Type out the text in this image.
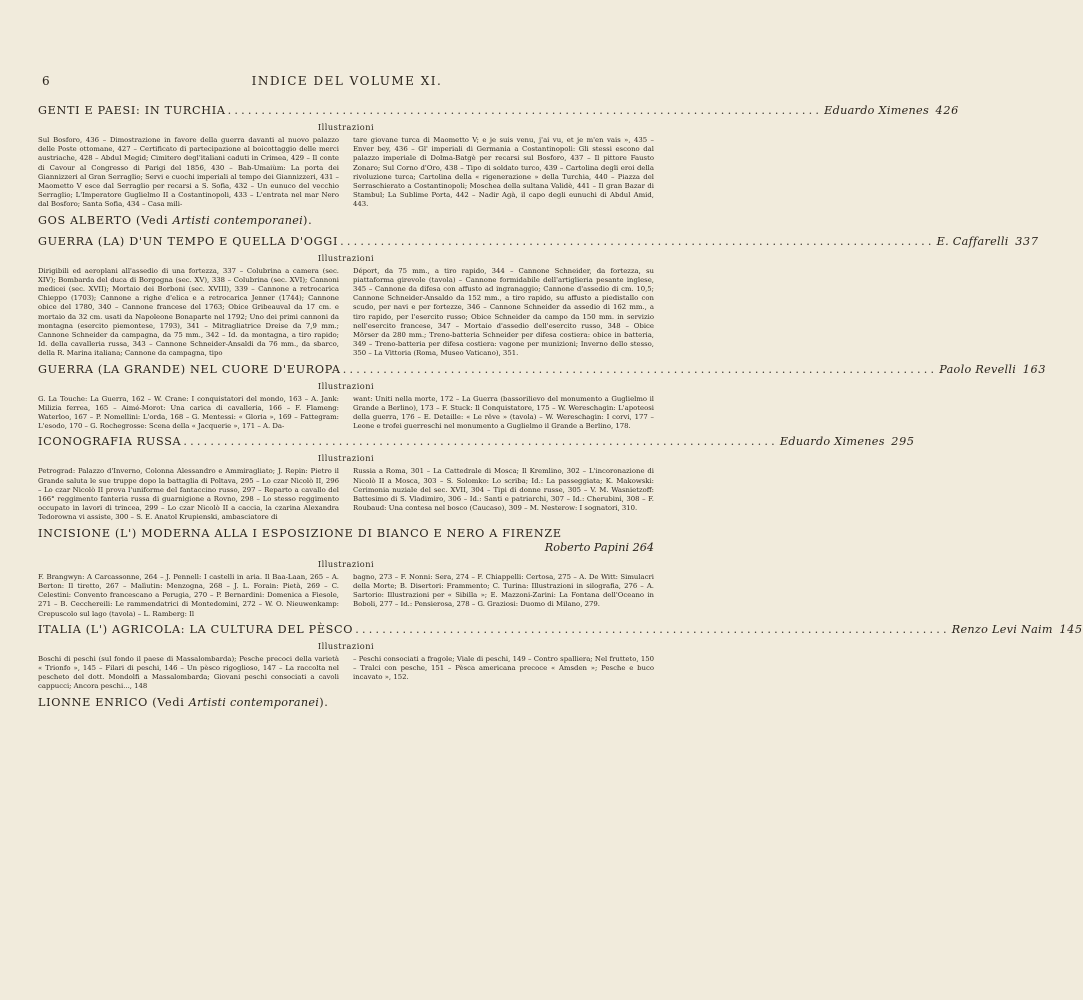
6	INDICE DEL VOLUME XI.
GENTI E PAESI: IN TURCHIA ........................................................................................ Eduardo Ximenes 426
Illustrazioni
Sul Bosforo, 436 – Dimostrazione in favore della guerra davanti al nuovo palazzo delle Poste ottomane, 427 – Certificato di partecipazione al boicottaggio delle merci austriache, 428 – Abdul Megid; Cimitero degl'italiani caduti in Crimea, 429 – Il conte di Cavour al Congresso di Parigi del 1856, 430 – Bab-Umaiùm: La porta dei Giannizzeri al Gran Serraglio; Servi e cuochi imperiali al tempo dei Giannizzeri, 431 – Maometto V esce dal Serraglio per recarsi a S. Sofia, 432 – Un eunuco del vecchio Serraglio; L'Imperatore Guglielmo II a Costantinopoli, 433 – L'entrata nel mar Nero dal Bosforo; Santa Sofia, 434 – Casa mili-
tare giovane turca di Maometto V; e je suis venu, j'ai vu, et je m'en vais », 435 – Enver bey, 436 – Gl' imperiali di Germania a Costantinopoli: Gli stessi escono dal palazzo imperiale di Dolma-Batgè per recarsi sul Bosforo, 437 – Il pittore Fausto Zonaro; Sul Corno d'Oro, 438 – Tipo di soldato turco, 439 – Cartolina degli eroi della rivoluzione turca; Cartolina della « rigenerazione » della Turchia, 440 – Piazza del Serraschierato a Costantinopoli; Moschea della sultana Validè, 441 – Il gran Bazar di Stambul; La Sublime Porta, 442 – Nadir Agà, il capo degli eunuchi di Abdul Amid, 443.
GOS ALBERTO (Vedi Artisti contemporanei).
GUERRA (LA) D'UN TEMPO E QUELLA D'OGGI ........................................................................................ E. Caffarelli 337
Illustrazioni
Dirigibili ed aeroplani all'assedio di una fortezza, 337 – Colubrina a camera (sec. XIV); Bombarda del duca di Borgogna (sec. XV), 338 – Colubrina (sec. XVI); Cannoni medicei (sec. XVII); Mortaio dei Borboni (sec. XVIII), 339 – Cannone a retrocarica Chieppo (1703); Cannone a righe d'elica e a retrocarica Jenner (1744); Cannone obice del 1780, 340 – Cannone francese del 1763; Obice Gribeauval da 17 cm. e mortaio da 32 cm. usati da Napoleone Bonaparte nel 1792; Uno dei primi cannoni da montagna (esercito piemontese, 1793), 341 – Mitragliatrice Dreise da 7,9 mm.; Cannone Schneider da campagna, da 75 mm., 342 – Id. da montagna, a tiro rapido; Id. della cavalleria russa, 343 – Cannone Schneider-Ansaldi da 76 mm., da sbarco, della R. Marina italiana; Cannone da campagna, tipo
Déport, da 75 mm., a tiro rapido, 344 – Cannone Schneider, da fortezza, su piattaforma girevole (tavola) – Cannone formidabile dell'artiglieria pesante inglese, 345 – Cannone da difesa con affusto ad ingranaggio; Cannone d'assedio di cm. 10,5; Cannone Schneider-Ansaldo da 152 mm., a tiro rapido, su affusto a piedistallo con scudo, per navi e per fortezze, 346 – Cannone Schneider da assedio di 162 mm., a tiro rapido, per l'esercito russo; Obice Schneider da campo da 150 mm. in servizio nell'esercito francese, 347 – Mortaio d'assedio dell'esercito russo, 348 – Obice Mörser da 280 mm.; Treno-batteria Schneider per difesa costiera: obice in batteria, 349 – Treno-batteria per difesa costiera: vagone per munizioni; Inverno dello stesso, 350 – La Vittoria (Roma, Museo Vaticano), 351.
GUERRA (LA GRANDE) NEL CUORE D'EUROPA ........................................................................................ Paolo Revelli 163
Illustrazioni
G. La Touche: La Guerra, 162 – W. Crane: I conquistatori del mondo, 163 – A. Jank: Milizia ferrea, 165 – Aimé-Morot: Una carica di cavalleria, 166 – F. Flameng: Waterloo, 167 – P. Nomellini: L'orda, 168 – G. Mentessi: « Gloria », 169 – Fattegram: L'esodo, 170 – G. Rochegrosse: Scena della « Jacquerie », 171 – A. Da-
want: Uniti nella morte, 172 – La Guerra (bassorilievo del monumento a Guglielmo il Grande a Berlino), 173 – F. Stuck: Il Conquistatore, 175 – W. Wereschagin: L'apoteosi della guerra, 176 – E. Detaille: « Le rêve » (tavola) – W. Wereschagin: I corvi, 177 – Leone e trofei guerreschi nel monumento a Guglielmo il Grande a Berlino, 178.
ICONOGRAFIA RUSSA ........................................................................................ Eduardo Ximenes 295
Illustrazioni
Petrograd: Palazzo d'Inverno, Colonna Alessandro e Ammiragliato; J. Repin: Pietro il Grande saluta le sue truppe dopo la battaglia di Poltava, 295 – Lo czar Nicolò II, 296 – Lo czar Nicolò II prova l'uniforme del fantaccino russo, 297 – Reparto a cavallo del 166° reggimento fanteria russa di guarnigione a Rovno, 298 – Lo stesso reggimento occupato in lavori di trincea, 299 – Lo czar Nicolò II a caccia, la czarina Alexandra Tedorowna vi assiste, 300 – S. E. Anatol Krupienski, ambasciatore di
Russia a Roma, 301 – La Cattedrale di Mosca; Il Kremlino, 302 – L'incoronazione di Nicolò II a Mosca, 303 – S. Solomko: Lo scriba; Id.: La passeggiata; K. Makowski: Cerimonia nuziale del sec. XVII, 304 – Tipi di donne russe, 305 – V. M. Wasnietzoff: Battesimo di S. Vladimiro, 306 – Id.: Santi e patriarchi, 307 – Id.: Cherubini, 308 – F. Roubaud: Una contesa nel bosco (Caucaso), 309 – M. Nesterow: I sognatori, 310.
INCISIONE (L') MODERNA ALLA I ESPOSIZIONE DI BIANCO E NERO A FIRENZE
Roberto Papini 264
Illustrazioni
F. Brangwyn: A Carcassonne, 264 – J. Pennell: I castelli in aria. Il Baa-Laan, 265 – A. Berton: Il tiretto, 267 – Malìutin: Menzogna, 268 – J. L. Forain: Pietà, 269 – C. Celestini: Convento francescano a Perugia, 270 – P. Bernardini: Domenica a Fiesole, 271 – B. Cecchereili: Le rammendatrici di Montedomini, 272 – W. O. Nieuwenkamp: Crepuscolo sul lago (tavola) – L. Ramberg: Il
bagno, 273 – F. Nonni: Sera, 274 – F. Chiappelli: Certosa, 275 – A. De Witt: Simulacri della Morte; B. Disertori: Frammento; C. Turina: Illustrazioni in silografia, 276 – A. Sartorio: Illustrazioni per « Sibilla »; E. Mazzoni-Zarini: La Fontana dell'Oceano in Boboli, 277 – Id.: Pensierosa, 278 – G. Graziosi: Duomo di Milano, 279.
ITALIA (L') AGRICOLA: LA CULTURA DEL PÈSCO ........................................................................................ Renzo Levi Naim 145
Illustrazioni
Boschi di peschi (sul fondo il paese di Massalombarda); Pesche precoci della varietà « Trionfo », 145 – Filari di peschi, 146 – Un pèsco rigoglioso, 147 – La raccolta nel pescheto del dott. Mondolfi a Massalombarda; Giovani peschi consociati a cavoli cappucci; Ancora peschi..., 148
– Peschi consociati a fragole; Viale di peschi, 149 – Contro spalliera; Nel frutteto, 150 – Tralci con pesche, 151 – Pèsca americana precoce « Amsden »; Pesche e buco incavato », 152.
LIONNE ENRICO (Vedi Artisti contemporanei).
